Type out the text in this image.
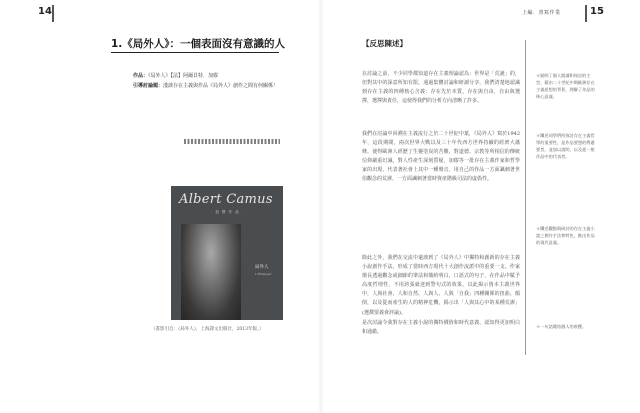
14	上編．書寫作業	15
1.《局外人》：一個表面沒有意識的人
作品：《局外人》【法】阿爾貝特．加繆
引導討論題：淺談存在主義與作品《局外人》創作之間有何關係！
Albert Camus
· 加 繆 作 品 ·
局外人
L'Étranger
（書影引自：《局外人》，上海譯文出版社，2013年版。）
【反思陳述】

在討論之前，不少同學都知道存在主義理論認為：世界是「荒誕」的，但對其中的深意所知有限。通過集體討論和研讀分享，我們清楚地認識到存在主義的四種核心含義：存在先於本質，存在與自由，自由與選擇，選擇與責任，這使得我們的分析方向清晰了許多。

我們在討論中回溯在主義流行之於二十世紀中葉，《局外人》寫於1942年，這段期間，兩次世界大戰以及三十年代西方世界持續的經濟大蕭條，使得歐洲人經歷了生靈塗炭的苦難，對道德、宗教等所相信的傳統信仰嚴重幻滅，對人性產生深刻質疑，加繆等一批存在主義作家和哲學家的出現，代表著社會上其中一種聲音，用自己的作品一方面諷刺著世俗觀念的荒謬，一方面諷刺著當時資產階級司法的虛偽性。

除此之外，我們在交流中還談到了《局外人》中獨特和創新的存在主義小說創作手法，形成了當時西方現代十大創作流派中的重要一支。作家擅長透過觀念或細節的筆法和簡約明白，口語式的句子，在作品中賦予高度哲理性，不用誇張就達到警句式的效果，以此揭示資本主義世界中，人與社會、人和自然、人與人、人與「自我」四種關係的扭曲、顛倒，以及從而產生的人的精神危機，揭示出「人與其心中的某種荒謬」(選撰要義會評論)。

是次討論令我對存在主義小說的獨特價值和時代意義，認知得更加明白和通徹。

＊點明了個人閱讀和探討的主旨，藉由二十世紀中期歐洲存在主義思想的背景，理解了作品的核心意義。

＊闡述同學們所探討存在主義哲學的重要性，是作品要想的傳遞要旨，並加以說明，以及從一般作品中的代表者。

＊闡述觀點與研討的存在主義小說之創作手法和特色，點出作品的現代意義。

＊一句話總結個人的收穫。
